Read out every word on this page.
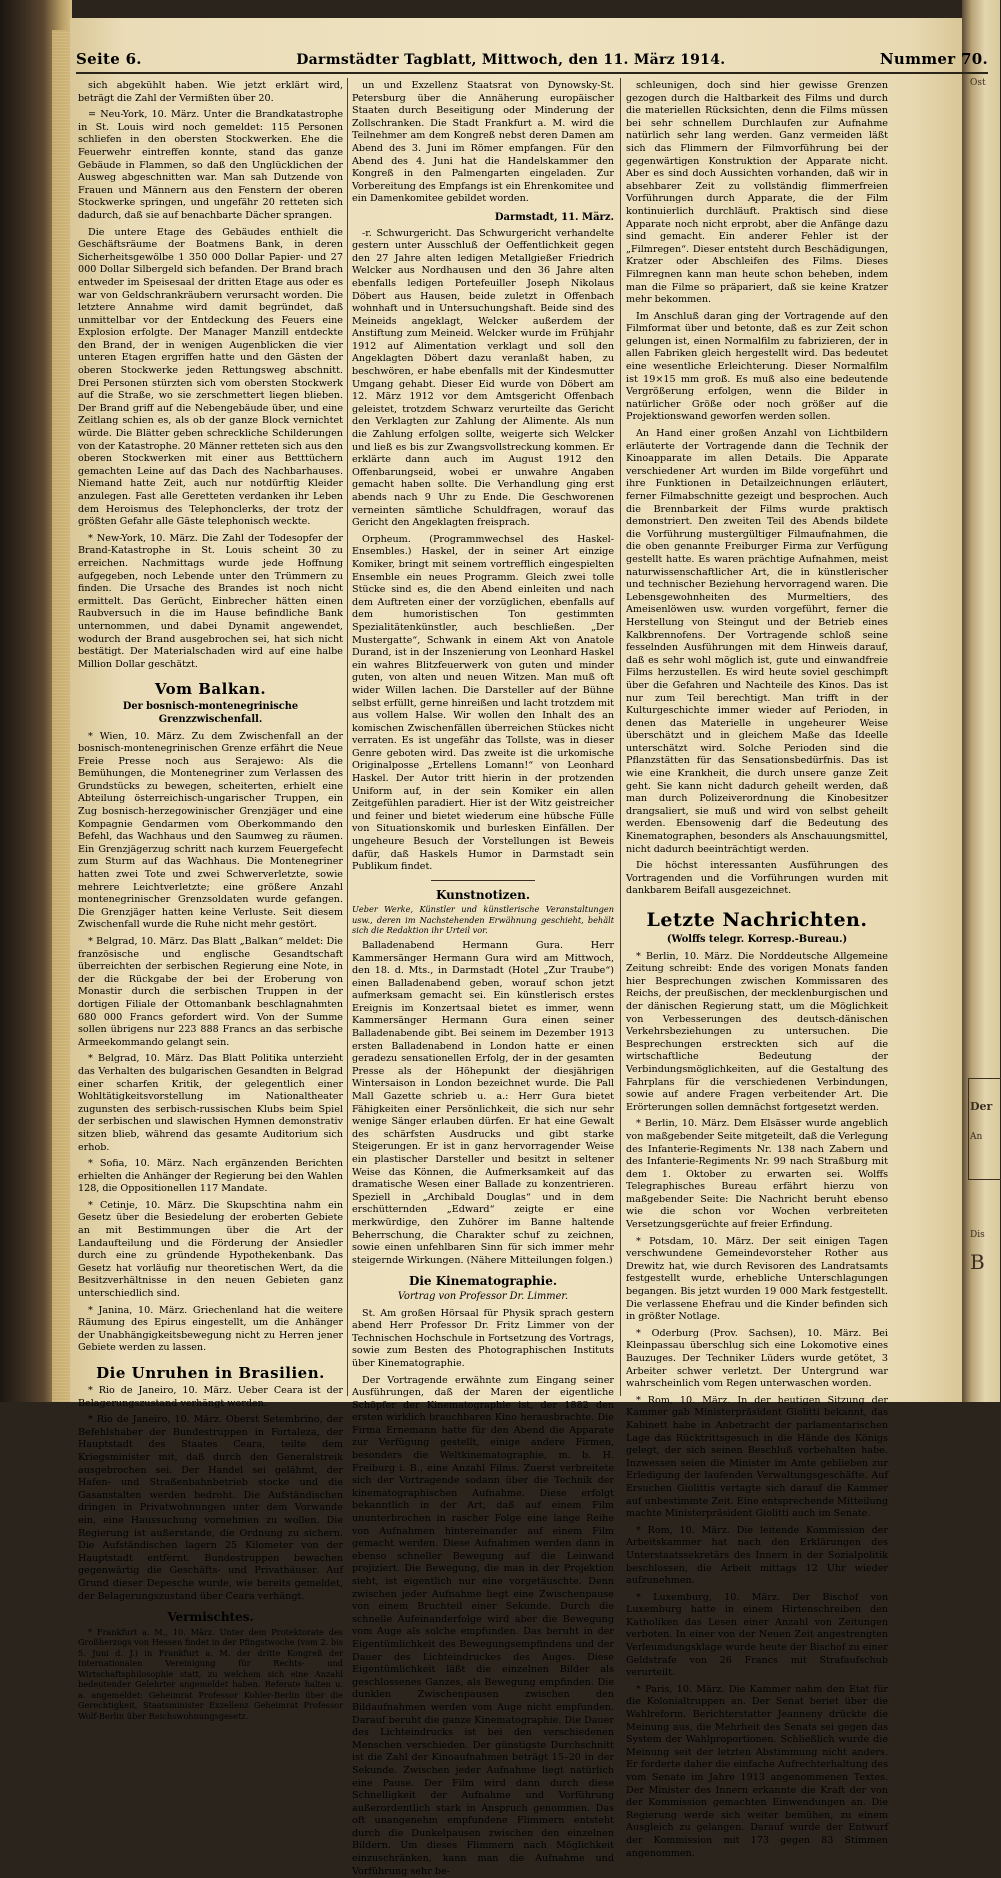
Ost
Der
An
Dis
B
Seite 6.	Darmstädter Tagblatt, Mittwoch, den 11. März 1914.	Nummer 70.

sich abgekühlt haben. Wie jetzt erklärt wird, beträgt die Zahl der Vermißten über 20.

= Neu-York, 10. März. Unter die Brandkatastrophe in St. Louis wird noch gemeldet: 115 Personen schliefen in den obersten Stockwerken. Ehe die Feuerwehr eintreffen konnte, stand das ganze Gebäude in Flammen, so daß den Unglücklichen der Ausweg abgeschnitten war. Man sah Dutzende von Frauen und Männern aus den Fenstern der oberen Stockwerke springen, und ungefähr 20 retteten sich dadurch, daß sie auf benachbarte Dächer sprangen.

Die untere Etage des Gebäudes enthielt die Geschäftsräume der Boatmens Bank, in deren Sicherheitsgewölbe 1 350 000 Dollar Papier- und 27 000 Dollar Silbergeld sich befanden. Der Brand brach entweder im Speisesaal der dritten Etage aus oder es war von Geldschrankräubern verursacht worden. Die letztere Annahme wird damit begründet, daß unmittelbar vor der Entdeckung des Feuers eine Explosion erfolgte. Der Manager Manzill entdeckte den Brand, der in wenigen Augenblicken die vier unteren Etagen ergriffen hatte und den Gästen der oberen Stockwerke jeden Rettungsweg abschnitt. Drei Personen stürzten sich vom obersten Stockwerk auf die Straße, wo sie zerschmettert liegen blieben. Der Brand griff auf die Nebengebäude über, und eine Zeitlang schien es, als ob der ganze Block vernichtet würde. Die Blätter geben schreckliche Schilderungen von der Katastrophe. 20 Männer retteten sich aus den oberen Stockwerken mit einer aus Betttüchern gemachten Leine auf das Dach des Nachbarhauses. Niemand hatte Zeit, auch nur notdürftig Kleider anzulegen. Fast alle Geretteten verdanken ihr Leben dem Heroismus des Telephonclerks, der trotz der größten Gefahr alle Gäste telephonisch weckte.

* New-York, 10. März. Die Zahl der Todesopfer der Brand-Katastrophe in St. Louis scheint 30 zu erreichen. Nachmittags wurde jede Hoffnung aufgegeben, noch Lebende unter den Trümmern zu finden. Die Ursache des Brandes ist noch nicht ermittelt. Das Gerücht, Einbrecher hätten einen Raubversuch in die im Hause befindliche Bank unternommen, und dabei Dynamit angewendet, wodurch der Brand ausgebrochen sei, hat sich nicht bestätigt. Der Materialschaden wird auf eine halbe Million Dollar geschätzt.

Vom Balkan.
Der bosnisch-montenegrinische Grenzzwischenfall.

* Wien, 10. März. Zu dem Zwischenfall an der bosnisch-montenegrinischen Grenze erfährt die Neue Freie Presse noch aus Serajewo: Als die Bemühungen, die Montenegriner zum Verlassen des Grundstücks zu bewegen, scheiterten, erhielt eine Abteilung österreichisch-ungarischer Truppen, ein Zug bosnisch-herzegowinischer Grenzjäger und eine Kompagnie Gendarmen vom Oberkommando den Befehl, das Wachhaus und den Saumweg zu räumen. Ein Grenzjägerzug schritt nach kurzem Feuergefecht zum Sturm auf das Wachhaus. Die Montenegriner hatten zwei Tote und zwei Schwerverletzte, sowie mehrere Leichtverletzte; eine größere Anzahl montenegrinischer Grenzsoldaten wurde gefangen. Die Grenzjäger hatten keine Verluste. Seit diesem Zwischenfall wurde die Ruhe nicht mehr gestört.

* Belgrad, 10. März. Das Blatt „Balkan“ meldet: Die französische und englische Gesandtschaft überreichten der serbischen Regierung eine Note, in der die Rückgabe der bei der Eroberung von Monastir durch die serbischen Truppen in der dortigen Filiale der Ottomanbank beschlagnahmten 680 000 Francs gefordert wird. Von der Summe sollen übrigens nur 223 888 Francs an das serbische Armeekommando gelangt sein.

* Belgrad, 10. März. Das Blatt Politika unterzieht das Verhalten des bulgarischen Gesandten in Belgrad einer scharfen Kritik, der gelegentlich einer Wohltätigkeitsvorstellung im Nationaltheater zugunsten des serbisch-russischen Klubs beim Spiel der serbischen und slawischen Hymnen demonstrativ sitzen blieb, während das gesamte Auditorium sich erhob.

* Sofia, 10. März. Nach ergänzenden Berichten erhielten die Anhänger der Regierung bei den Wahlen 128, die Oppositionellen 117 Mandate.

* Cetinje, 10. März. Die Skupschtina nahm ein Gesetz über die Besiedelung der eroberten Gebiete an mit Bestimmungen über die Art der Landaufteilung und die Förderung der Ansiedler durch eine zu gründende Hypothekenbank. Das Gesetz hat vorläufig nur theoretischen Wert, da die Besitzverhältnisse in den neuen Gebieten ganz unterschiedlich sind.

* Janina, 10. März. Griechenland hat die weitere Räumung des Epirus eingestellt, um die Anhänger der Unabhängigkeitsbewegung nicht zu Herren jener Gebiete werden zu lassen.

Die Unruhen in Brasilien.

* Rio de Janeiro, 10. März. Ueber Ceara ist der Belagerungszustand verhängt worden.

* Rio de Janeiro, 10. März. Oberst Setembrino, der Befehlshaber der Bundestruppen in Fortaleza, der Hauptstadt des Staates Ceara, teilte dem Kriegsminister mit, daß durch den Generalstreik ausgebrochen sei. Der Handel sei gelähmt, der Hafen- und Straßenbahnbetrieb stocke und die Gasanstalten werden bedroht. Die Aufständischen dringen in Privatwohnungen unter dem Vorwande ein, eine Haussuchung vornehmen zu wollen. Die Regierung ist außerstande, die Ordnung zu sichern. Die Aufständischen lagern 25 Kilometer von der Hauptstadt entfernt. Bundestruppen bewachen gegenwärtig die Geschäfts- und Privathäuser. Auf Grund dieser Depesche wurde, wie bereits gemeldet, der Belagerungszustand über Ceara verhängt.

Vermischtes.

* Frankfurt a. M., 10. März. Unter dem Protektorate des Großherzogs von Hessen findet in der Pfingstwoche (vom 2. bis 5. Juni d. J.) in Frankfurt a. M. der dritte Kongreß der Internationalen Vereinigung für Rechts- und Wirtschaftsphilosophie statt, zu welchem sich eine Anzahl bedeutender Gelehrter angemeldet haben. Referate halten u. a. angemeldet: Geheimrat Professor Kohler-Berlin über die Gerechtigkeit, Staatsminister Exzellenz Geheimrat Professor Wolf-Berlin über Reichswohnungsgesetz.

un und Exzellenz Staatsrat von Dynowsky-St. Petersburg über die Annäherung europäischer Staaten durch Beseitigung oder Minderung der Zollschranken. Die Stadt Frankfurt a. M. wird die Teilnehmer am dem Kongreß nebst deren Damen am Abend des 3. Juni im Römer empfangen. Für den Abend des 4. Juni hat die Handelskammer den Kongreß in den Palmengarten eingeladen. Zur Vorbereitung des Empfangs ist ein Ehrenkomitee und ein Damenkomitee gebildet worden.

Darmstadt, 11. März.

-r. Schwurgericht. Das Schwurgericht verhandelte gestern unter Ausschluß der Oeffentlichkeit gegen den 27 Jahre alten ledigen Metallgießer Friedrich Welcker aus Nordhausen und den 36 Jahre alten ebenfalls ledigen Portefeuiller Joseph Nikolaus Döbert aus Hausen, beide zuletzt in Offenbach wohnhaft und in Untersuchungshaft. Beide sind des Meineids angeklagt, Welcker außerdem der Anstiftung zum Meineid. Welcker wurde im Frühjahr 1912 auf Alimentation verklagt und soll den Angeklagten Döbert dazu veranlaßt haben, zu beschwören, er habe ebenfalls mit der Kindesmutter Umgang gehabt. Dieser Eid wurde von Döbert am 12. März 1912 vor dem Amtsgericht Offenbach geleistet, trotzdem Schwarz verurteilte das Gericht den Verklagten zur Zahlung der Alimente. Als nun die Zahlung erfolgen sollte, weigerte sich Welcker und ließ es bis zur Zwangsvollstreckung kommen. Er erklärte dann auch im August 1912 den Offenbarungseid, wobei er unwahre Angaben gemacht haben sollte. Die Verhandlung ging erst abends nach 9 Uhr zu Ende. Die Geschworenen verneinten sämtliche Schuldfragen, worauf das Gericht den Angeklagten freisprach.

Orpheum. (Programmwechsel des Haskel-Ensembles.) Haskel, der in seiner Art einzige Komiker, bringt mit seinem vortrefflich eingespielten Ensemble ein neues Programm. Gleich zwei tolle Stücke sind es, die den Abend einleiten und nach dem Auftreten einer der vorzüglichen, ebenfalls auf dem humoristischen Ton gestimmten Spezialitätenkünstler, auch beschließen. „Der Mustergatte“, Schwank in einem Akt von Anatole Durand, ist in der Inszenierung von Leonhard Haskel ein wahres Blitzfeuerwerk von guten und minder guten, von alten und neuen Witzen. Man muß oft wider Willen lachen. Die Darsteller auf der Bühne selbst erfüllt, gerne hinreißen und lacht trotzdem mit aus vollem Halse. Wir wollen den Inhalt des an komischen Zwischenfällen überreichen Stückes nicht verraten. Es ist ungefähr das Tollste, was in dieser Genre geboten wird. Das zweite ist die urkomische Originalposse „Ertellens Lomann!“ von Leonhard Haskel. Der Autor tritt hierin in der protzenden Uniform auf, in der sein Komiker ein allen Zeitgefühlen paradiert. Hier ist der Witz geistreicher und feiner und bietet wiederum eine hübsche Fülle von Situationskomik und burlesken Einfällen. Der ungeheure Besuch der Vorstellungen ist Beweis dafür, daß Haskels Humor in Darmstadt sein Publikum findet.

Kunstnotizen.

Ueber Werke, Künstler und künstlerische Veranstaltungen usw., deren im Nachstehenden Erwähnung geschieht, behält sich die Redaktion ihr Urteil vor.

Balladenabend Hermann Gura. Herr Kammersänger Hermann Gura wird am Mittwoch, den 18. d. Mts., in Darmstadt (Hotel „Zur Traube“) einen Balladenabend geben, worauf schon jetzt aufmerksam gemacht sei. Ein künstlerisch erstes Ereignis im Konzertsaal bietet es immer, wenn Kammersänger Hermann Gura einen seiner Balladenabende gibt. Bei seinem im Dezember 1913 ersten Balladenabend in London hatte er einen geradezu sensationellen Erfolg, der in der gesamten Presse als der Höhepunkt der diesjährigen Wintersaison in London bezeichnet wurde. Die Pall Mall Gazette schrieb u. a.: Herr Gura bietet Fähigkeiten einer Persönlichkeit, die sich nur sehr wenige Sänger erlauben dürfen. Er hat eine Gewalt des schärfsten Ausdrucks und gibt starke Steigerungen. Er ist in ganz hervorragender Weise ein plastischer Darsteller und besitzt in seltener Weise das Können, die Aufmerksamkeit auf das dramatische Wesen einer Ballade zu konzentrieren. Speziell in „Archibald Douglas“ und in dem erschütternden „Edward“ zeigte er eine merkwürdige, den Zuhörer im Banne haltende Beherrschung, die Charakter schuf zu zeichnen, sowie einen unfehlbaren Sinn für sich immer mehr steigernde Wirkungen. (Nähere Mitteilungen folgen.)

Die Kinematographie.
Vortrag von Professor Dr. Limmer.

St. Am großen Hörsaal für Physik sprach gestern abend Herr Professor Dr. Fritz Limmer von der Technischen Hochschule in Fortsetzung des Vortrags, sowie zum Besten des Photographischen Instituts über Kinematographie.

Der Vortragende erwähnte zum Eingang seiner Ausführungen, daß der Maren der eigentliche Schöpfer der Kinematographie ist, der 1882 den ersten wirklich brauchbaren Kino herausbrachte. Die Firma Ernemann hatte für den Abend die Apparate zur Verfügung gestellt, einige andere Firmen, besonders die Weltkinematographie, m. b. H. Freiburg i. B., eine Anzahl Films. Zuerst verbreitete sich der Vortragende sodann über die Technik der kinematographischen Aufnahme. Diese erfolgt bekanntlich in der Art, daß auf einem Film ununterbrochen in rascher Folge eine lange Reihe von Aufnahmen hintereinander auf einem Film gemacht werden. Diese Aufnahmen werden dann in ebenso schneller Bewegung auf die Leinwand projiziert. Die Bewegung, die man in der Projektion sieht, ist eigentlich nur eine vorgetäuschte. Denn zwischen jeder Aufnahme liegt eine Zwischenpause von einem Bruchteil einer Sekunde. Durch die schnelle Aufeinanderfolge wird aber die Bewegung vom Auge als solche empfunden. Das beruht in der Eigentümlichkeit des Bewegungsempfindens und der Dauer des Lichteindruckes des Auges. Diese Eigentümlichkeit läßt die einzelnen Bilder als geschlossenes Ganzes, als Bewegung empfinden. Die dunklen Zwischenpausen zwischen den Bildaufnahmen werden vom Auge nicht empfunden. Darauf beruht die ganze Kinematographie. Die Dauer des Lichteindrucks ist bei den verschiedenen Menschen verschieden. Der günstigste Durchschnitt ist die Zahl der Kinoaufnahmen beträgt 15–20 in der Sekunde. Zwischen jeder Aufnahme liegt natürlich eine Pause. Der Film wird dann durch diese Schnelligkeit der Aufnahme und Vorführung außerordentlich stark in Anspruch genommen. Das oft unangenehm empfundene Flimmern entsteht durch die Dunkelpausen zwischen den einzelnen Bildern. Um dieses Flimmern nach Möglichkeit einzuschränken, kann man die Aufnahme und Vorführung sehr be-

schleunigen, doch sind hier gewisse Grenzen gezogen durch die Haltbarkeit des Films und durch die materiellen Rücksichten, denn die Films müssen bei sehr schnellem Durchlaufen zur Aufnahme natürlich sehr lang werden. Ganz vermeiden läßt sich das Flimmern der Filmvorführung bei der gegenwärtigen Konstruktion der Apparate nicht. Aber es sind doch Aussichten vorhanden, daß wir in absehbarer Zeit zu vollständig flimmerfreien Vorführungen durch Apparate, die der Film kontinuierlich durchläuft. Praktisch sind diese Apparate noch nicht erprobt, aber die Anfänge dazu sind gemacht. Ein anderer Fehler ist der „Filmregen“. Dieser entsteht durch Beschädigungen, Kratzer oder Abschleifen des Films. Dieses Filmregnen kann man heute schon beheben, indem man die Filme so präpariert, daß sie keine Kratzer mehr bekommen.

Im Anschluß daran ging der Vortragende auf den Filmformat über und betonte, daß es zur Zeit schon gelungen ist, einen Normalfilm zu fabrizieren, der in allen Fabriken gleich hergestellt wird. Das bedeutet eine wesentliche Erleichterung. Dieser Normalfilm ist 19×15 mm groß. Es muß also eine bedeutende Vergrößerung erfolgen, wenn die Bilder in natürlicher Größe oder noch größer auf die Projektionswand geworfen werden sollen.

An Hand einer großen Anzahl von Lichtbildern erläuterte der Vortragende dann die Technik der Kinoapparate im allen Details. Die Apparate verschiedener Art wurden im Bilde vorgeführt und ihre Funktionen in Detailzeichnungen erläutert, ferner Filmabschnitte gezeigt und besprochen. Auch die Brennbarkeit der Films wurde praktisch demonstriert. Den zweiten Teil des Abends bildete die Vorführung mustergültiger Filmaufnahmen, die die oben genannte Freiburger Firma zur Verfügung gestellt hatte. Es waren prächtige Aufnahmen, meist naturwissenschaftlicher Art, die in künstlerischer und technischer Beziehung hervorragend waren. Die Lebensgewohnheiten des Murmeltiers, des Ameisenlöwen usw. wurden vorgeführt, ferner die Herstellung von Steingut und der Betrieb eines Kalkbrennofens. Der Vortragende schloß seine fesselnden Ausführungen mit dem Hinweis darauf, daß es sehr wohl möglich ist, gute und einwandfreie Films herzustellen. Es wird heute soviel geschimpft über die Gefahren und Nachteile des Kinos. Das ist nur zum Teil berechtigt. Man trifft in der Kulturgeschichte immer wieder auf Perioden, in denen das Materielle in ungeheurer Weise überschätzt und in gleichem Maße das Ideelle unterschätzt wird. Solche Perioden sind die Pflanzstätten für das Sensationsbedürfnis. Das ist wie eine Krankheit, die durch unsere ganze Zeit geht. Sie kann nicht dadurch geheilt werden, daß man durch Polizeiverordnung die Kinobesitzer drangsaliert, sie muß und wird von selbst geheilt werden. Ebensowenig darf die Bedeutung des Kinematographen, besonders als Anschauungsmittel, nicht dadurch beeinträchtigt werden.

Die höchst interessanten Ausführungen des Vortragenden und die Vorführungen wurden mit dankbarem Beifall ausgezeichnet.

Letzte Nachrichten.
(Wolffs telegr. Korresp.-Bureau.)

* Berlin, 10. März. Die Norddeutsche Allgemeine Zeitung schreibt: Ende des vorigen Monats fanden hier Besprechungen zwischen Kommissaren des Reichs, der preußischen, der mecklenburgischen und der dänischen Regierung statt, um die Möglichkeit von Verbesserungen des deutsch-dänischen Verkehrsbeziehungen zu untersuchen. Die Besprechungen erstreckten sich auf die wirtschaftliche Bedeutung der Verbindungsmöglichkeiten, auf die Gestaltung des Fahrplans für die verschiedenen Verbindungen, sowie auf andere Fragen verbeitender Art. Die Erörterungen sollen demnächst fortgesetzt werden.

* Berlin, 10. März. Dem Elsässer wurde angeblich von maßgebender Seite mitgeteilt, daß die Verlegung des Infanterie-Regiments Nr. 138 nach Zabern und des Infanterie-Regiments Nr. 99 nach Straßburg mit dem 1. Oktober zu erwarten sei. Wolffs Telegraphisches Bureau erfährt hierzu von maßgebender Seite: Die Nachricht beruht ebenso wie die schon vor Wochen verbreiteten Versetzungsgerüchte auf freier Erfindung.

* Potsdam, 10. März. Der seit einigen Tagen verschwundene Gemeindevorsteher Rother aus Drewitz hat, wie durch Revisoren des Landratsamts festgestellt wurde, erhebliche Unterschlagungen begangen. Bis jetzt wurden 19 000 Mark festgestellt. Die verlassene Ehefrau und die Kinder befinden sich in größter Notlage.

* Oderburg (Prov. Sachsen), 10. März. Bei Kleinpassau überschlug sich eine Lokomotive eines Bauzuges. Der Techniker Lüders wurde getötet, 3 Arbeiter schwer verletzt. Der Untergrund war wahrscheinlich vom Regen unterwaschen worden.

* Rom, 10. März. In der heutigen Sitzung der Kammer gab Ministerpräsident Giolitti bekannt, das Kabinett habe in Anbetracht der parlamentarischen Lage das Rücktrittsgesuch in die Hände des Königs gelegt, der sich seinen Beschluß vorbehalten habe. Inzwessen seien die Minister im Amte geblieben zur Erledigung der laufenden Verwaltungsgeschäfte. Auf Ersuchen Giolittis vertagte sich darauf die Kammer auf unbestimmte Zeit. Eine entsprechende Mitteilung machte Ministerpräsident Giolitti auch im Senate.

* Rom, 10. März. Die leitende Kommission der Arbeitskammer hat nach den Erklärungen des Unterstaatssekretärs des Innern in der Sozialpolitik beschlossen, die Arbeit mittags 12 Uhr wieder aufzunehmen.

* Luxemburg, 10. März. Der Bischof von Luxemburg hatte in einem Hirtenschreiben den Katholiken das Lesen einer Anzahl von Zeitungen verboten. In einer von der Neuen Zeit angestrengten Verleumdungsklage wurde heute der Bischof zu einer Geldstrafe von 26 Francs mit Strafaufschub verurteilt.

* Paris, 10. März. Die Kammer nahm den Etat für die Kolonialtruppen an. Der Senat beriet über die Wahlreform. Berichterstatter Jeanneny drückte die Meinung aus, die Mehrheit des Senats sei gegen das System der Wahlproportionen. Schließlich wurde die Meinung seit der letzten Abstimmung nicht anders. Er forderte daher die einfache Aufrechterhaltung des vom Senate im Jahre 1913 angenommenen Textes. Der Minister des Innern erkannte die Kraft der von der Kommission gemachten Einwendungen an. Die Regierung werde sich weiter bemühen, zu einem Ausgleich zu gelangen. Darauf wurde der Entwurf der Kommission mit 173 gegen 83 Stimmen angenommen.
